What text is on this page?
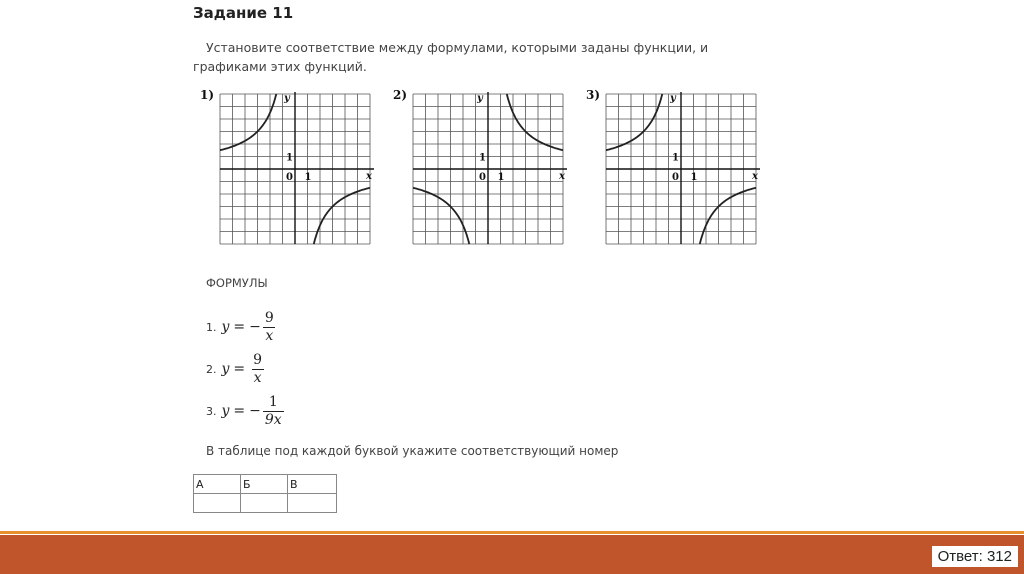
Задание 11
Установите соответствие между формулами, которыми заданы функции, и графиками этих функций.
1)
1
0 1
y
x
2)
1
0 1
y
x
3)
1
0 1
y
x
ФОРМУЛЫ
1. y = − $\frac{9}{x}$
2. $y = \frac{9}{x}$
3. y = − $\frac{1}{9x}$
В таблице под каждой буквой укажите соответствующий номер
А	Б	В

Ответ: 312
